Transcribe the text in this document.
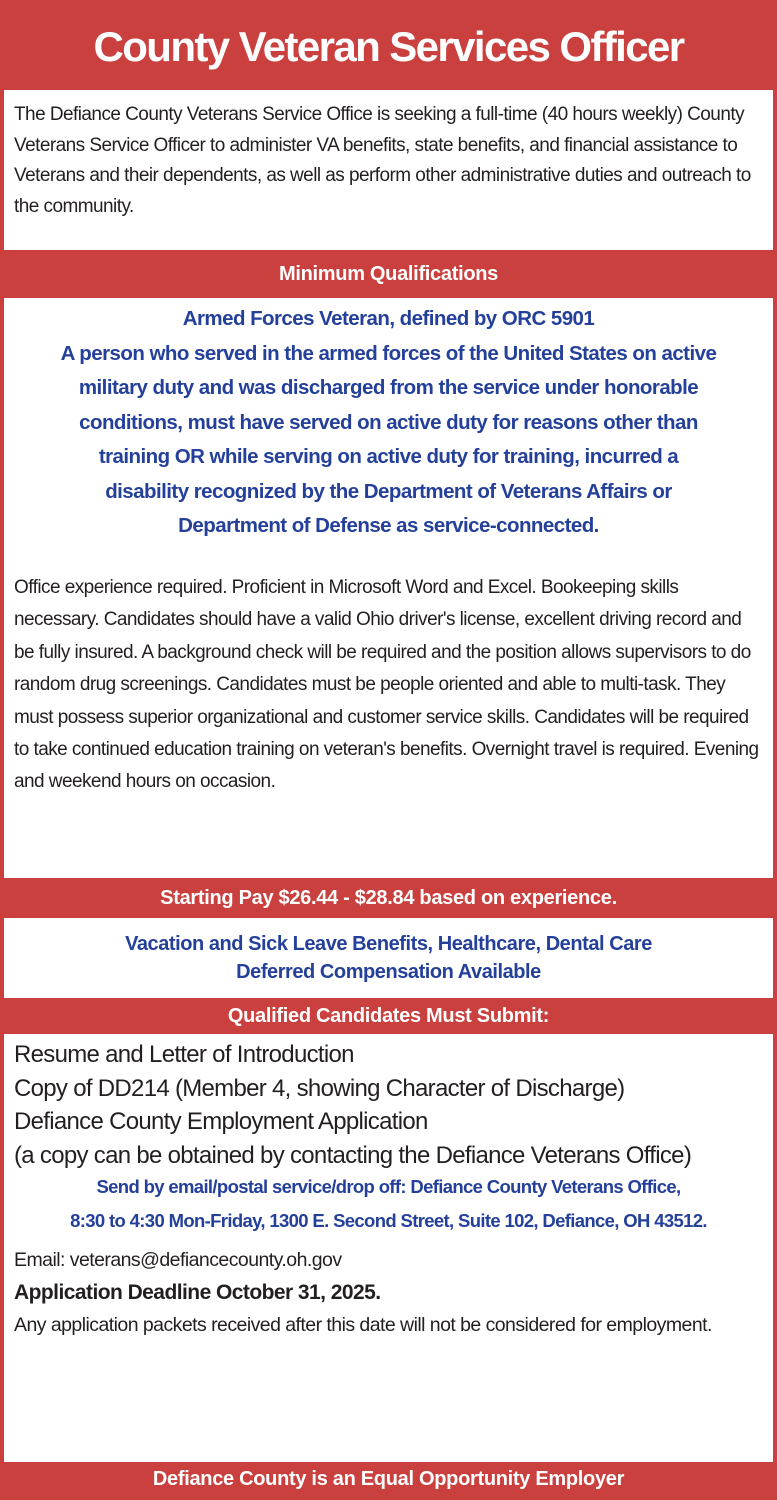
County Veteran Services Officer
The Defiance County Veterans Service Office is seeking a full-time (40 hours weekly) County Veterans Service Officer to administer VA benefits, state benefits, and financial assistance to Veterans and their dependents, as well as perform other administrative duties and outreach to the community.
Minimum Qualifications
Armed Forces Veteran, defined by ORC 5901
A person who served in the armed forces of the United States on active
military duty and was discharged from the service under honorable
conditions, must have served on active duty for reasons other than
training OR while serving on active duty for training, incurred a
disability recognized by the Department of Veterans Affairs or
Department of Defense as service-connected.
Office experience required. Proficient in Microsoft Word and Excel. Bookeeping skills necessary. Candidates should have a valid Ohio driver's license, excellent driving record and be fully insured. A background check will be required and the position allows supervisors to do random drug screenings. Candidates must be people oriented and able to multi-task. They must possess superior organizational and customer service skills. Candidates will be required to take continued education training on veteran's benefits. Overnight travel is required. Evening and weekend hours on occasion.
Starting Pay $26.44 - $28.84 based on experience.
Vacation and Sick Leave Benefits, Healthcare, Dental Care
Deferred Compensation Available
Qualified Candidates Must Submit:
Resume and Letter of Introduction
Copy of DD214 (Member 4, showing Character of Discharge)
Defiance County Employment Application
(a copy can be obtained by contacting the Defiance Veterans Office)
Send by email/postal service/drop off: Defiance County Veterans Office,
8:30 to 4:30 Mon-Friday, 1300 E. Second Street, Suite 102, Defiance, OH 43512.
Email: veterans@defiancecounty.oh.gov
Application Deadline October 31, 2025.
Any application packets received after this date will not be considered for employment.
Defiance County is an Equal Opportunity Employer
